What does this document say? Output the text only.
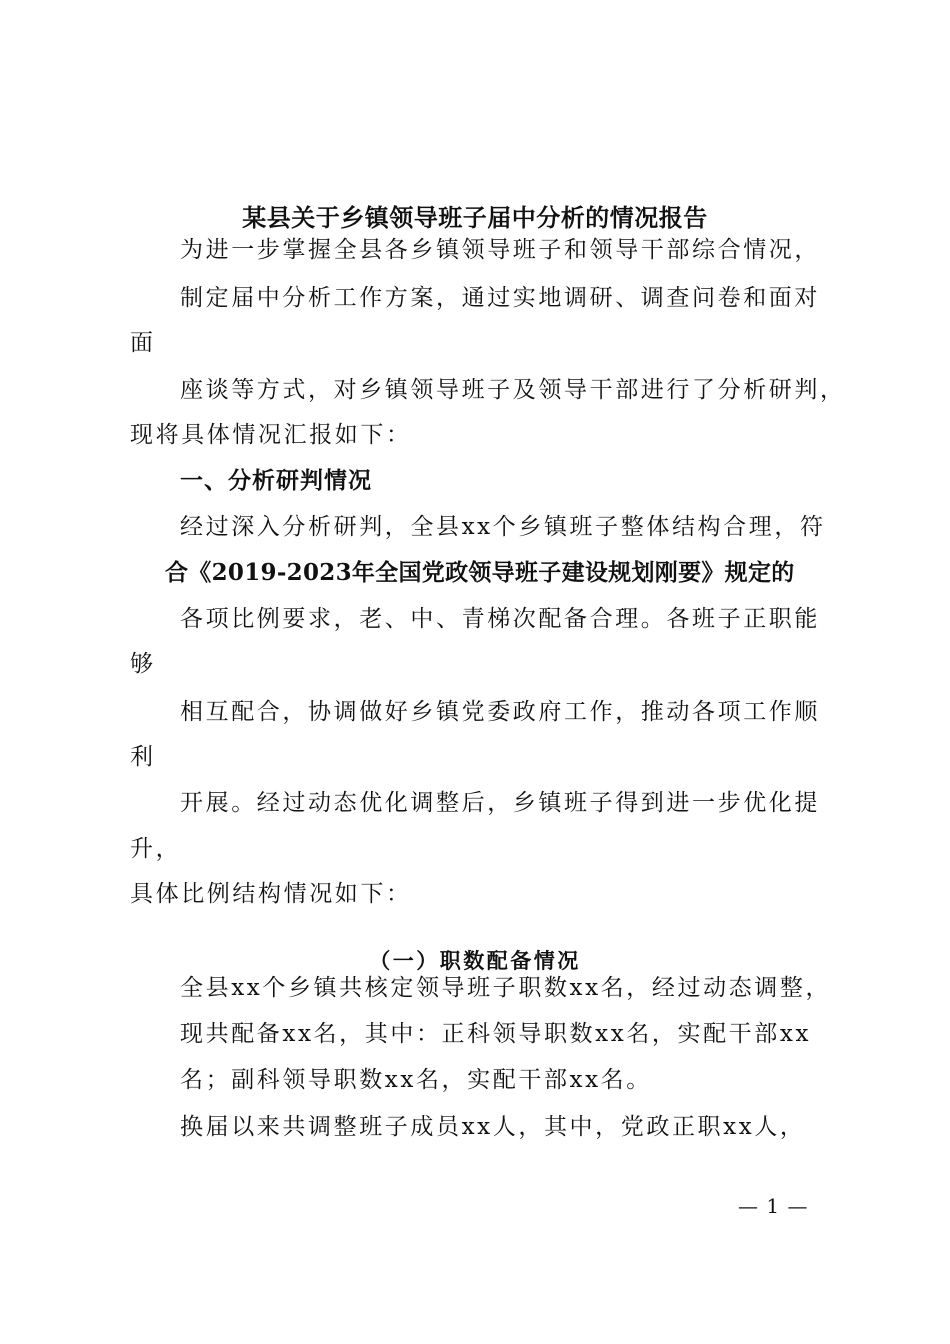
某县关于乡镇领导班子届中分析的情况报告

为进一步掌握全县各乡镇领导班子和领导干部综合情况，

制定届中分析工作方案，通过实地调研、调查问卷和面对

面

座谈等方式，对乡镇领导班子及领导干部进行了分析研判，

现将具体情况汇报如下：

一、分析研判情况

经过深入分析研判，全县xx个乡镇班子整体结构合理，符

合《2019-2023年全国党政领导班子建设规划刚要》规定的

各项比例要求，老、中、青梯次配备合理。各班子正职能

够

相互配合，协调做好乡镇党委政府工作，推动各项工作顺

利

开展。经过动态优化调整后，乡镇班子得到进一步优化提

升，

具体比例结构情况如下：

（一）职数配备情况

全县xx个乡镇共核定领导班子职数xx名，经过动态调整，

现共配备xx名，其中：正科领导职数xx名，实配干部xx

名；副科领导职数xx名，实配干部xx名。

换届以来共调整班子成员xx人，其中，党政正职xx人，

— 1 —
